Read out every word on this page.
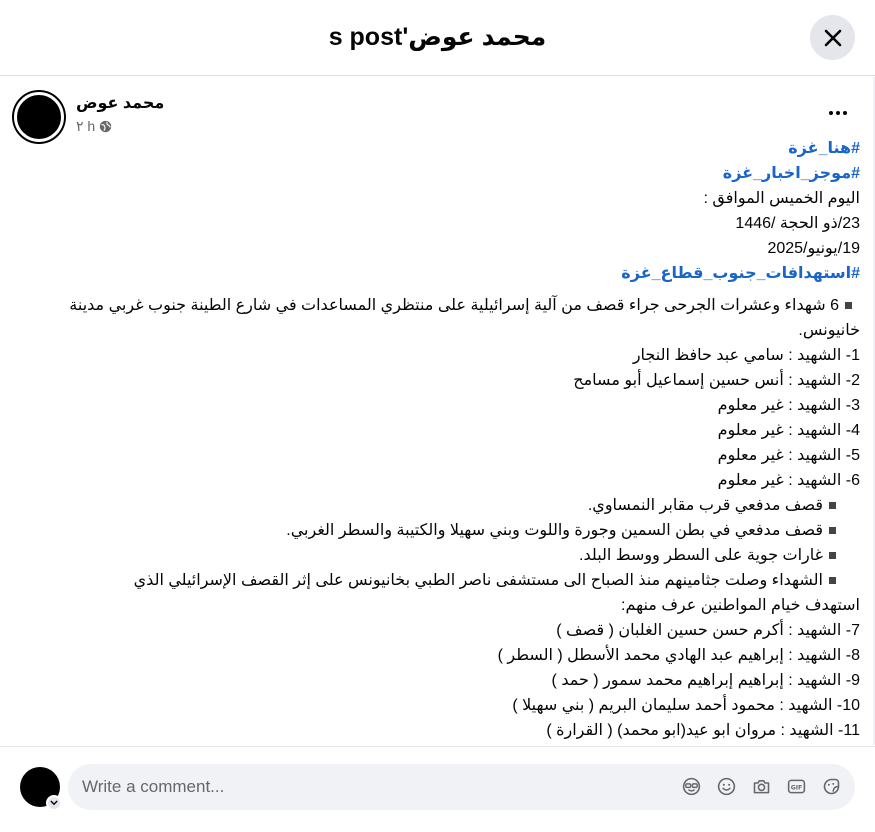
محمد عوض's post
محمد عوض
٢ h
#هنا_غزة
#موجز_اخبار_غزة
اليوم الخميس الموافق :
23/ذو الحجة /1446
19/يونيو/2025
#استهدافات_جنوب_قطاع_غزة
6 شهداء وعشرات الجرحى جراء قصف من آلية إسرائيلية على منتظري المساعدات في شارع الطينة جنوب غربي مدينة خانيونس.
1- الشهيد : سامي عبد حافظ النجار
2- الشهيد : أنس حسين إسماعيل أبو مسامح
3- الشهيد : غير معلوم
4- الشهيد : غير معلوم
5- الشهيد : غير معلوم
6- الشهيد : غير معلوم
قصف مدفعي قرب مقابر النمساوي.
قصف مدفعي في بطن السمين وجورة واللوت وبني سهيلا والكتيبة والسطر الغربي.
غارات جوية على السطر ووسط البلد.
الشهداء وصلت جثامينهم منذ الصباح الى مستشفى ناصر الطبي بخانيونس على إثر القصف الإسرائيلي الذي
استهدف خيام المواطنين عرف منهم:
7- الشهيد : أكرم حسن حسين الغلبان ( قصف )
8- الشهيد : إبراهيم عبد الهادي محمد الأسطل ( السطر )
9- الشهيد : إبراهيم إبراهيم محمد سمور ( حمد )
10- الشهيد : محمود أحمد سليمان البريم ( بني سهيلا )
11- الشهيد : مروان ابو عيد(ابو محمد) ( القرارة )
Write a comment...
GIF
